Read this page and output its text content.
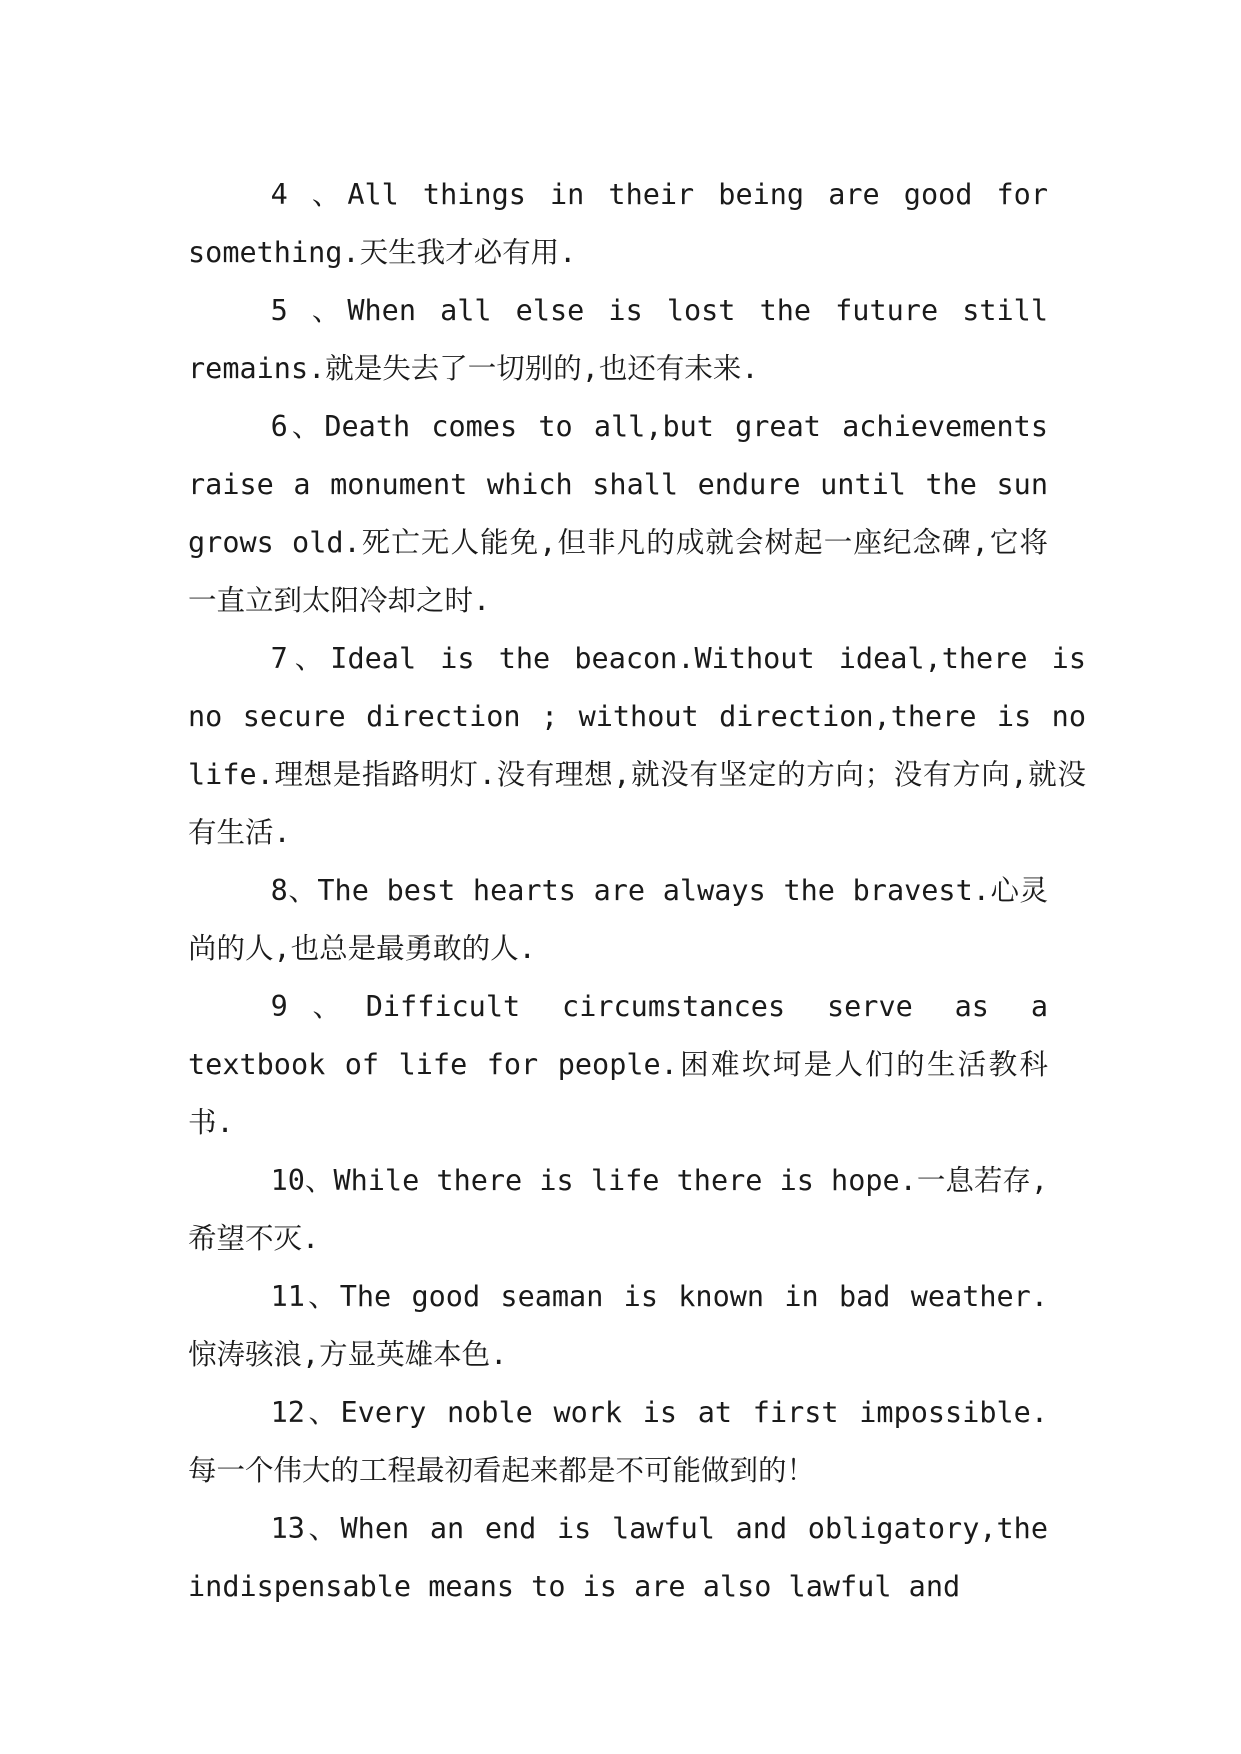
4 、All things in their being are good for something.天生我才必有用.

5 、When all else is lost the future still remains.就是失去了一切别的,也还有未来.

6、Death comes to all,but great achievements raise a monument which shall endure until the sun grows old.死亡无人能免,但非凡的成就会树起一座纪念碑,它将一直立到太阳冷却之时.

7、Ideal is the beacon.Without ideal,there is no secure direction ; without direction,there is no life.理想是指路明灯.没有理想,就没有坚定的方向；没有方向,就没有生活.

8、The best hearts are always the bravest.心灵尚的人,也总是最勇敢的人.

9、Difficult circumstances serve as a textbook of life for people.困难坎坷是人们的生活教科书.

10、While there is life there is hope.一息若存,希望不灭.

11、The good seaman is known in bad weather.惊涛骇浪,方显英雄本色.

12、Every noble work is at first impossible.每一个伟大的工程最初看起来都是不可能做到的！

13、When an end is lawful and obligatory,the indispensable means to is are also lawful and
